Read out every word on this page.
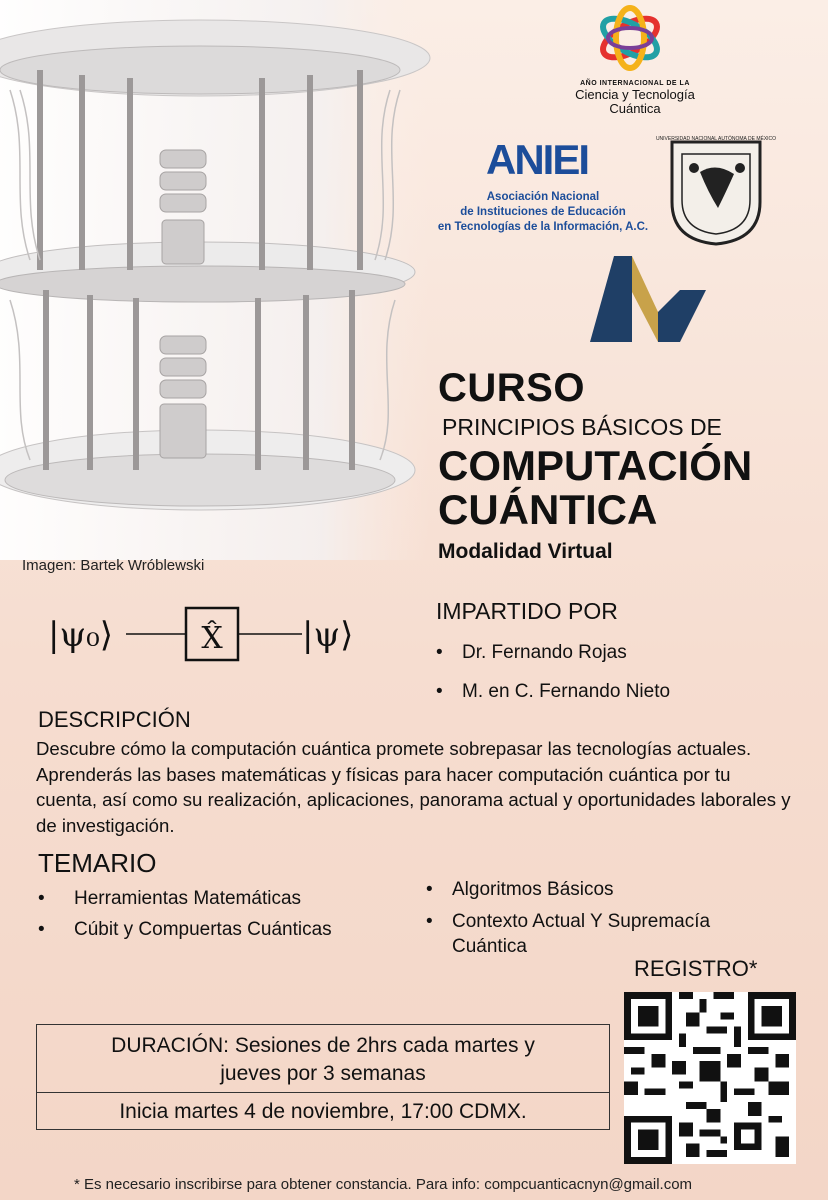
Imagen: Bartek Wróblewski
AÑO INTERNACIONAL DE LA
Ciencia y Tecnología
Cuántica
ANIEI
Asociación Nacional
de Instituciones de Educación
en Tecnologías de la Información, A.C.
UNIVERSIDAD NACIONAL AUTÓNOMA DE MÉXICO
CURSO
PRINCIPIOS BÁSICOS DE
COMPUTACIÓN
CUÁNTICA
Modalidad Virtual
|ψ₀⟩	X̂ |ψ⟩
IMPARTIDO POR
• Dr. Fernando Rojas
• M. en C. Fernando Nieto
DESCRIPCIÓN
Descubre cómo la computación cuántica promete sobrepasar las tecnologías actuales. Aprenderás las bases matemáticas y físicas para hacer computación cuántica por tu cuenta, así como su realización, aplicaciones, panorama actual y oportunidades laborales y de investigación.
TEMARIO
• Herramientas Matemáticas
• Cúbit y Compuertas Cuánticas
• Algoritmos Básicos
• Contexto Actual Y Supremacía Cuántica
REGISTRO*
DURACIÓN: Sesiones de 2hrs cada martes y
jueves por 3 semanas
Inicia martes 4 de noviembre, 17:00 CDMX.
* Es necesario inscribirse para obtener constancia. Para info: compcuanticacnyn@gmail.com
